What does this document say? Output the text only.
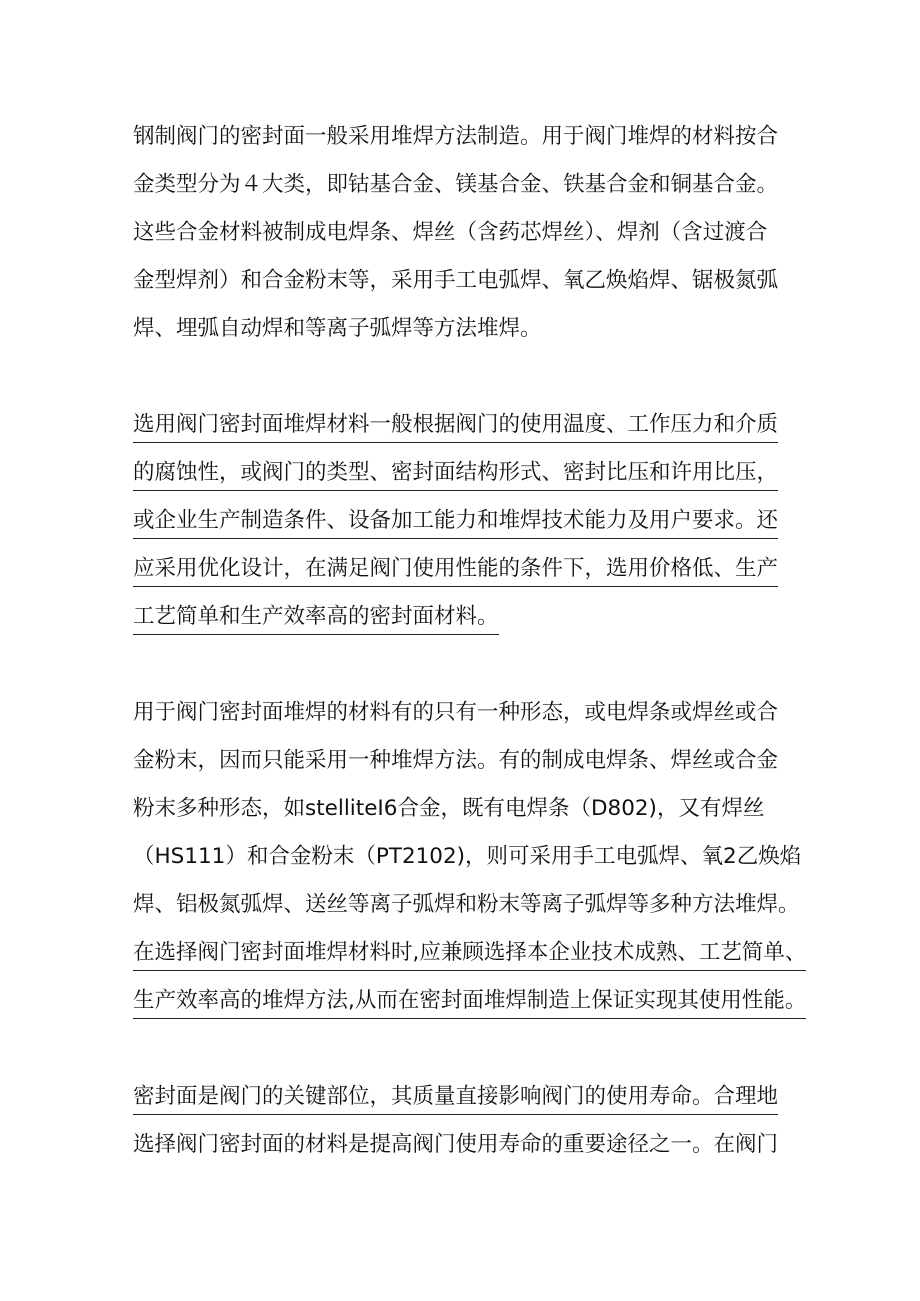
钢制阀门的密封面一般采用堆焊方法制造。用于阀门堆焊的材料按合
金类型分为４大类，即钴基合金、镁基合金、铁基合金和铜基合金。
这些合金材料被制成电焊条、焊丝（含药芯焊丝）、焊剂（含过渡合
金型焊剂）和合金粉末等，采用手工电弧焊、氧乙焕焰焊、锯极氮弧
焊、埋弧自动焊和等离子弧焊等方法堆焊。
选用阀门密封面堆焊材料一般根据阀门的使用温度、工作压力和介质
的腐蚀性，或阀门的类型、密封面结构形式、密封比压和许用比压，
或企业生产制造条件、设备加工能力和堆焊技术能力及用户要求。还
应采用优化设计，在满足阀门使用性能的条件下，选用价格低、生产
工艺简单和生产效率高的密封面材料。
用于阀门密封面堆焊的材料有的只有一种形态，或电焊条或焊丝或合
金粉末，因而只能采用一种堆焊方法。有的制成电焊条、焊丝或合金
粉末多种形态，如stelliteI6合金，既有电焊条（D802)，又有焊丝
（HS111）和合金粉末（PT2102)，则可采用手工电弧焊、氧2乙焕焰
焊、铝极氮弧焊、送丝等离子弧焊和粉末等离子弧焊等多种方法堆焊。
在选择阀门密封面堆焊材料时,应兼顾选择本企业技术成熟、工艺简单、
生产效率高的堆焊方法,从而在密封面堆焊制造上保证实现其使用性能。
密封面是阀门的关键部位，其质量直接影响阀门的使用寿命。合理地
选择阀门密封面的材料是提高阀门使用寿命的重要途径之一。在阀门
